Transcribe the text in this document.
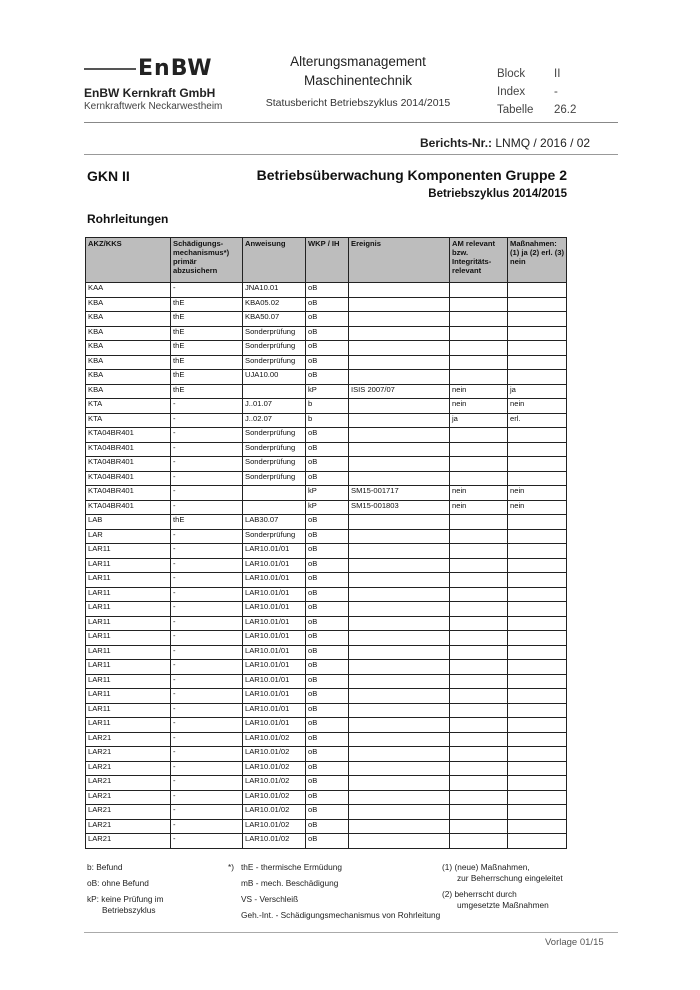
EnBW
EnBW Kernkraft GmbH
Kernkraftwerk Neckarwestheim
Alterungsmanagement
Maschinentechnik
Statusbericht Betriebszyklus 2014/2015
Block	II
Index	-
Tabelle 26.2
Berichts-Nr.: LNMQ / 2016 / 02
GKN II	Betriebsüberwachung Komponenten Gruppe 2
Betriebszyklus 2014/2015
Rohrleitungen
AKZ/KKS	Schädigungs-mechanismus*) primär abzusichern	Anweisung	WKP / IH	Ereignis	AM relevant bzw. Integritäts-relevant	Maßnahmen: (1) ja (2) erl. (3) nein
KAA	-	JNA10.01	oB			
KBA	thE	KBA05.02	oB			
KBA	thE	KBA50.07	oB			
KBA	thE	Sonderprüfung	oB			
KBA	thE	Sonderprüfung	oB			
KBA	thE	Sonderprüfung	oB			
KBA	thE	UJA10.00	oB			
KBA	thE		kP	ISIS 2007/07	nein	ja
KTA	-	J..01.07	b		nein	nein
KTA	-	J..02.07	b		ja	erl.
KTA04BR401	-	Sonderprüfung	oB			
KTA04BR401	-	Sonderprüfung	oB			
KTA04BR401	-	Sonderprüfung	oB			
KTA04BR401	-	Sonderprüfung	oB			
KTA04BR401	-		kP	SM15-001717	nein	nein
KTA04BR401	-		kP	SM15-001803	nein	nein
LAB	thE	LAB30.07	oB			
LAR	-	Sonderprüfung	oB			
LAR11	-	LAR10.01/01	oB			
LAR11	-	LAR10.01/01	oB			
LAR11	-	LAR10.01/01	oB			
LAR11	-	LAR10.01/01	oB			
LAR11	-	LAR10.01/01	oB			
LAR11	-	LAR10.01/01	oB			
LAR11	-	LAR10.01/01	oB			
LAR11	-	LAR10.01/01	oB			
LAR11	-	LAR10.01/01	oB			
LAR11	-	LAR10.01/01	oB			
LAR11	-	LAR10.01/01	oB			
LAR11	-	LAR10.01/01	oB			
LAR11	-	LAR10.01/01	oB			
LAR21	-	LAR10.01/02	oB			
LAR21	-	LAR10.01/02	oB			
LAR21	-	LAR10.01/02	oB			
LAR21	-	LAR10.01/02	oB			
LAR21	-	LAR10.01/02	oB			
LAR21	-	LAR10.01/02	oB			
LAR21	-	LAR10.01/02	oB			
LAR21	-	LAR10.01/02	oB			
b: Befund
oB: ohne Befund
kP: keine Prüfung im
Betriebszyklus
*) thE - thermische Ermüdung
mB - mech. Beschädigung
VS - Verschleiß
Geh.-Int. - Schädigungsmechanismus von Rohrleitung
(1) (neue) Maßnahmen,
zur Beherrschung eingeleitet
(2) beherrscht durch
umgesetzte Maßnahmen
Vorlage 01/15
